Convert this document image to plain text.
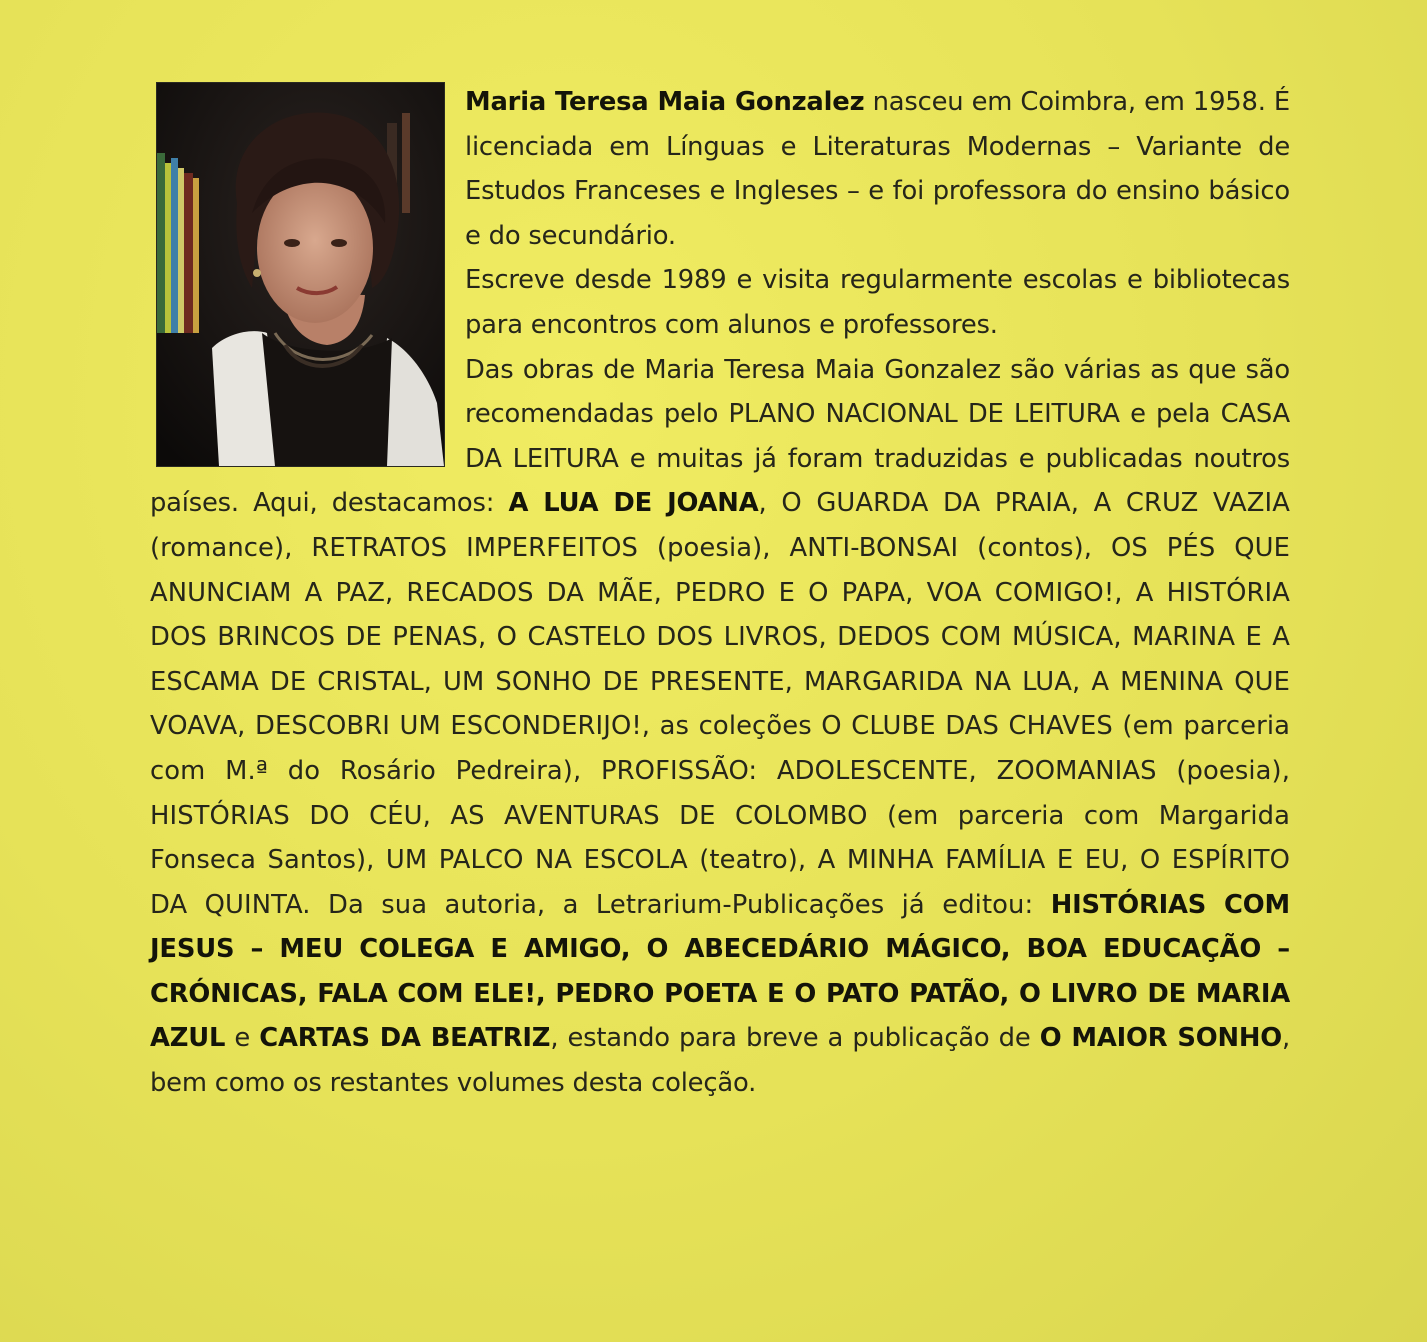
Maria Teresa Maia Gonzalez nasceu em Coimbra, em 1958. É licenciada em Línguas e Literaturas Modernas – Variante de Estudos Franceses e Ingleses – e foi professora do ensino básico e do secundário.

Escreve desde 1989 e visita regularmente escolas e bibliotecas para encontros com alunos e professores.

Das obras de Maria Teresa Maia Gonzalez são várias as que são recomendadas pelo PLANO NACIONAL DE LEITURA e pela CASA DA LEITURA e muitas já foram traduzidas e publicadas noutros países. Aqui, destacamos: A LUA DE JOANA, O GUARDA DA PRAIA, A CRUZ VAZIA (romance), RETRATOS IMPERFEITOS (poesia), ANTI-BONSAI (contos), OS PÉS QUE ANUNCIAM A PAZ, RECADOS DA MÃE, PEDRO E O PAPA, VOA COMIGO!, A HISTÓRIA DOS BRINCOS DE PENAS, O CASTELO DOS LIVROS, DEDOS COM MÚSICA, MARINA E A ESCAMA DE CRISTAL, UM SONHO DE PRESENTE, MARGARIDA NA LUA, A MENINA QUE VOAVA, DESCOBRI UM ESCONDERIJO!, as coleções O CLUBE DAS CHAVES (em parceria com M.ª do Rosário Pedreira), PROFISSÃO: ADOLESCENTE, ZOOMANIAS (poesia), HISTÓRIAS DO CÉU, AS AVENTURAS DE COLOMBO (em parceria com Margarida Fonseca Santos), UM PALCO NA ESCOLA (teatro), A MINHA FAMÍLIA E EU, O ESPÍRITO DA QUINTA. Da sua autoria, a Letrarium-Publicações já editou: HISTÓRIAS COM JESUS – MEU COLEGA E AMIGO, O ABECEDÁRIO MÁGICO, BOA EDUCAÇÃO – CRÓNICAS, FALA COM ELE!, PEDRO POETA E O PATO PATÃO, O LIVRO DE MARIA AZUL e CARTAS DA BEATRIZ, estando para breve a publicação de O MAIOR SONHO, bem como os restantes volumes desta coleção.
